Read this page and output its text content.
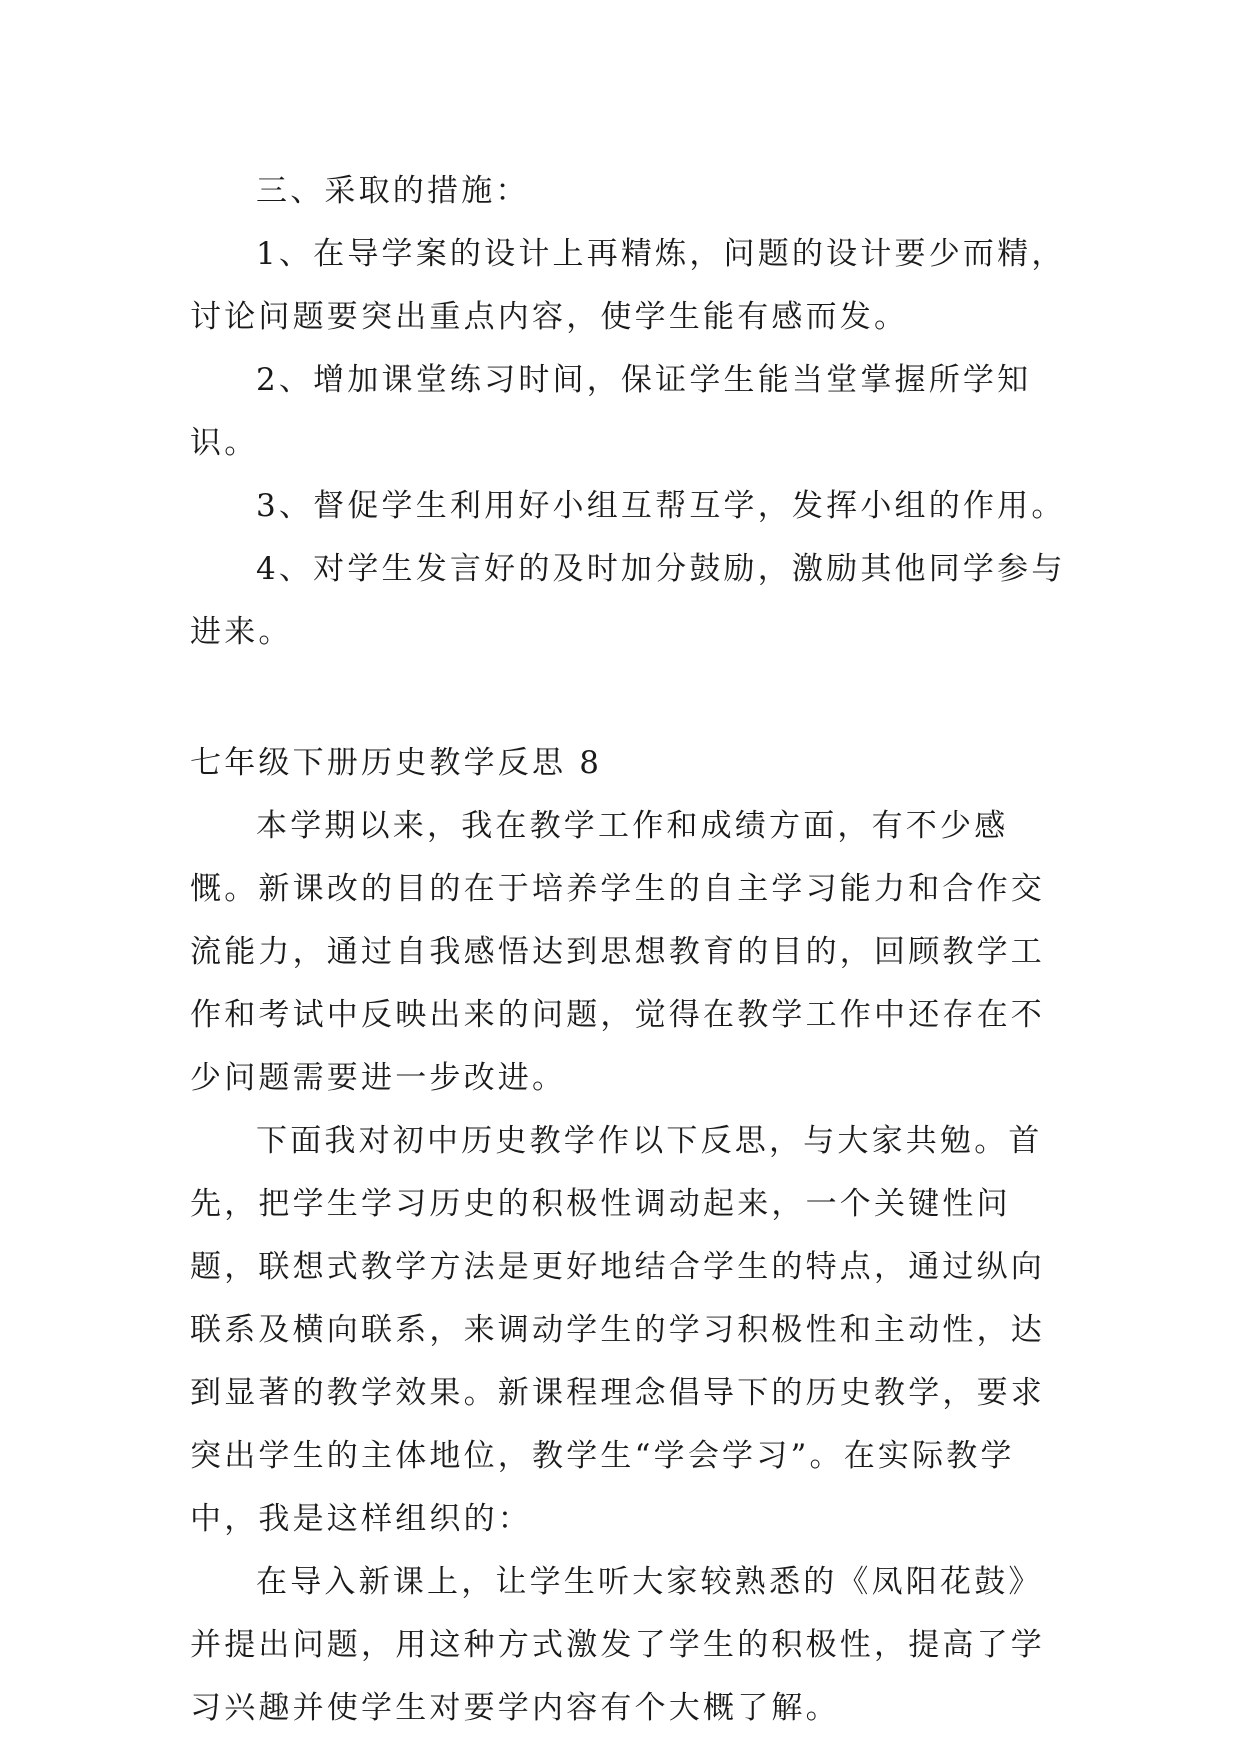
三、采取的措施：

1、在导学案的设计上再精炼，问题的设计要少而精，讨论问题要突出重点内容，使学生能有感而发。

2、增加课堂练习时间，保证学生能当堂掌握所学知识。

3、督促学生利用好小组互帮互学，发挥小组的作用。

4、对学生发言好的及时加分鼓励，激励其他同学参与进来。

七年级下册历史教学反思 8

本学期以来，我在教学工作和成绩方面，有不少感慨。新课改的目的在于培养学生的自主学习能力和合作交流能力，通过自我感悟达到思想教育的目的，回顾教学工作和考试中反映出来的问题，觉得在教学工作中还存在不少问题需要进一步改进。

下面我对初中历史教学作以下反思，与大家共勉。首先，把学生学习历史的积极性调动起来，一个关键性问题，联想式教学方法是更好地结合学生的特点，通过纵向联系及横向联系，来调动学生的学习积极性和主动性，达到显著的教学效果。新课程理念倡导下的历史教学，要求突出学生的主体地位，教学生“学会学习”。在实际教学中，我是这样组织的：

在导入新课上，让学生听大家较熟悉的《凤阳花鼓》并提出问题，用这种方式激发了学生的积极性，提高了学习兴趣并使学生对要学内容有个大概了解。
